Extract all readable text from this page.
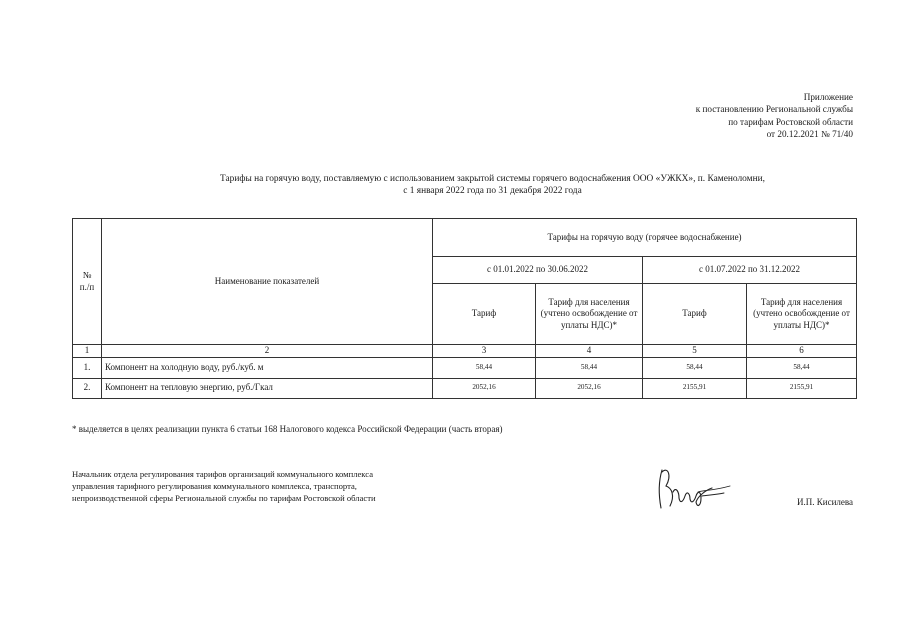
Приложение
к постановлению Региональной службы
по тарифам Ростовской области
от 20.12.2021 № 71/40
Тарифы на горячую воду, поставляемую с использованием закрытой системы горячего водоснабжения ООО «УЖКХ», п. Каменоломни,
с 1 января 2022 года по 31 декабря 2022 года
№
п./п	Наименование показателей	Тарифы на горячую воду (горячее водоснабжение)			
		с 01.01.2022 по 30.06.2022		с 01.07.2022 по 31.12.2022	
		Тариф	Тариф для населения (учтено освобождение от уплаты НДС)*	Тариф	Тариф для населения (учтено освобождение от уплаты НДС)*
1	2	3	4	5	6
1.	Компонент на холодную воду, руб./куб. м	58,44	58,44	58,44	58,44
2.	Компонент на тепловую энергию, руб./Гкал	2052,16	2052,16	2155,91	2155,91
* выделяется в целях реализации пункта 6 статьи 168 Налогового кодекса Российской Федерации (часть вторая)
Начальник отдела регулирования тарифов организаций коммунального комплекса
управления тарифного регулирования коммунального комплекса, транспорта,
непроизводственной сферы Региональной службы по тарифам Ростовской области	И.П. Кисилева
